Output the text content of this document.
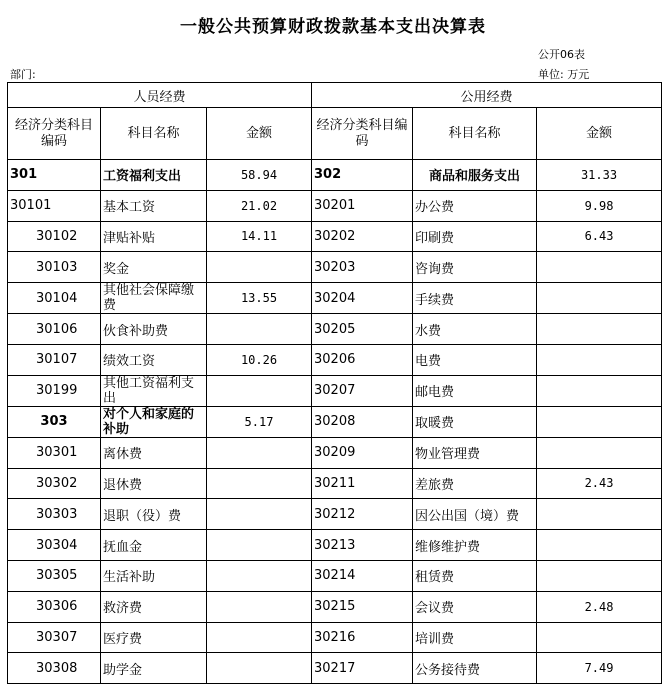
一般公共预算财政拨款基本支出决算表
公开06表
部门:	单位: 万元
人员经费			公用经费		
经济分类科目编码	科目名称	金额	经济分类科目编码	科目名称	金额
301	工资福利支出	58.94	302	商品和服务支出	31.33
30101	基本工资	21.02	30201	办公费	9.98
30102	津贴补贴	14.11	30202	印刷费	6.43
30103	奖金		30203	咨询费	
30104	其他社会保障缴费	13.55	30204	手续费	
30106	伙食补助费		30205	水费	
30107	绩效工资	10.26	30206	电费	
30199	其他工资福利支出		30207	邮电费	
303	对个人和家庭的补助	5.17	30208	取暖费	
30301	离休费		30209	物业管理费	
30302	退休费		30211	差旅费	2.43
30303	退职（役）费		30212	因公出国（境）费	
30304	抚血金		30213	维修维护费	
30305	生活补助		30214	租赁费	
30306	救济费		30215	会议费	2.48
30307	医疗费		30216	培训费	
30308	助学金		30217	公务接待费	7.49
